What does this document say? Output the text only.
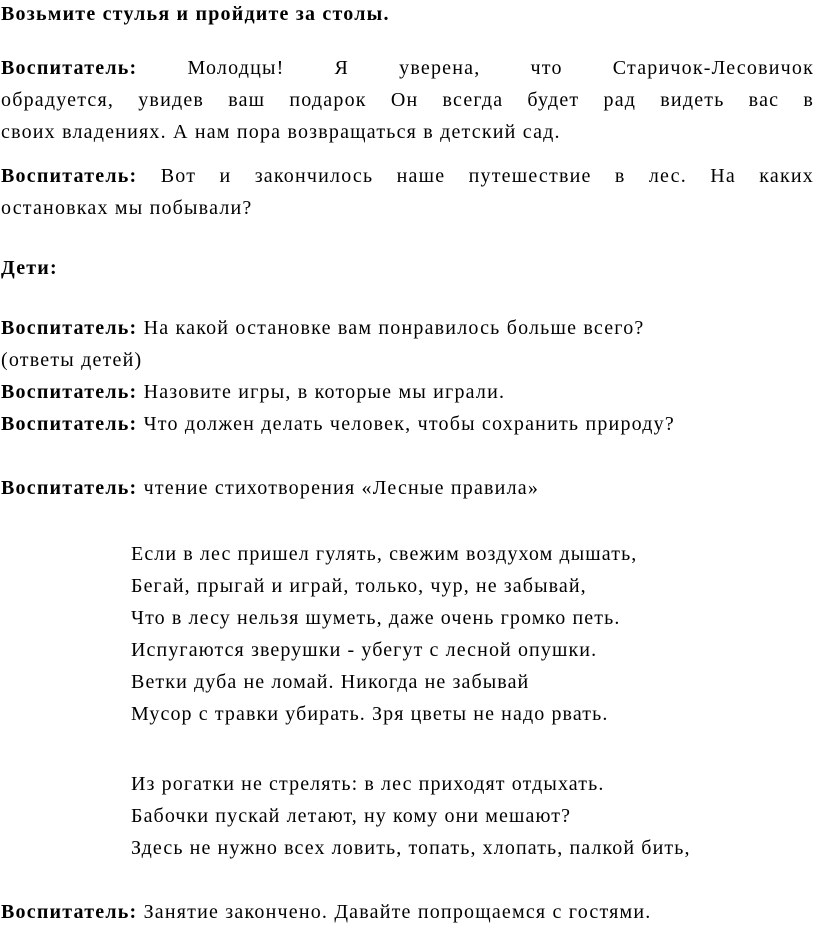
Возьмите стулья и пройдите за столы.
Воспитатель:	Молодцы! Я уверена, что Старичок-Лесовичок
обрадуется, увидев ваш подарок Он всегда будет рад видеть вас в
своих владениях. А нам пора возвращаться в детский сад.
Воспитатель: Вот и закончилось наше путешествие в лес. На каких
остановках мы побывали?
Дети:
Воспитатель: На какой остановке вам понравилось больше всего?
(ответы детей)
Воспитатель: Назовите игры, в которые мы играли.
Воспитатель: Что должен делать человек, чтобы сохранить природу?
Воспитатель: чтение стихотворения «Лесные правила»
Если в лес пришел гулять, свежим воздухом дышать,
Бегай, прыгай и играй, только, чур, не забывай,
Что в лесу нельзя шуметь, даже очень громко петь.
Испугаются зверушки - убегут с лесной опушки.
Ветки дуба не ломай. Никогда не забывай
Мусор с травки убирать. Зря цветы не надо рвать.
Из рогатки не стрелять: в лес приходят отдыхать.
Бабочки пускай летают, ну кому они мешают?
Здесь не нужно всех ловить, топать, хлопать, палкой бить,
Воспитатель: Занятие закончено. Давайте попрощаемся с гостями.
